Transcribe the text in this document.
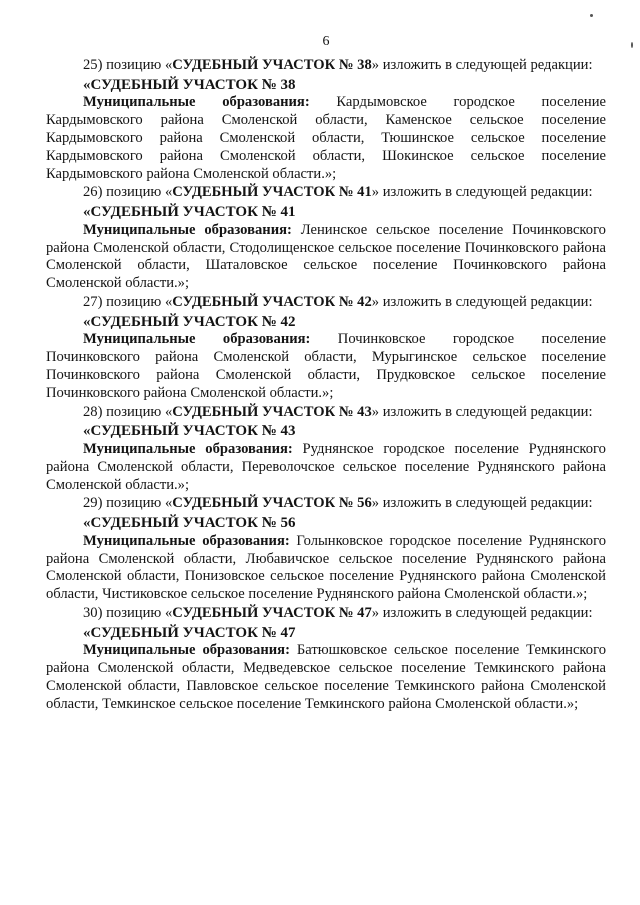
6

25) позицию «СУДЕБНЫЙ УЧАСТОК № 38» изложить в следующей редакции:

«СУДЕБНЫЙ УЧАСТОК № 38

Муниципальные образования: Кардымовское городское поселение Кардымовского района Смоленской области, Каменское сельское поселение Кардымовского района Смоленской области, Тюшинское сельское поселение Кардымовского района Смоленской области, Шокинское сельское поселение Кардымовского района Смоленской области.»;

26) позицию «СУДЕБНЫЙ УЧАСТОК № 41» изложить в следующей редакции:

«СУДЕБНЫЙ УЧАСТОК № 41

Муниципальные образования: Ленинское сельское поселение Починковского района Смоленской области, Стодолищенское сельское поселение Починковского района Смоленской области, Шаталовское сельское поселение Починковского района Смоленской области.»;

27) позицию «СУДЕБНЫЙ УЧАСТОК № 42» изложить в следующей редакции:

«СУДЕБНЫЙ УЧАСТОК № 42

Муниципальные образования: Починковское городское поселение Починковского района Смоленской области, Мурыгинское сельское поселение Починковского района Смоленской области, Прудковское сельское поселение Починковского района Смоленской области.»;

28) позицию «СУДЕБНЫЙ УЧАСТОК № 43» изложить в следующей редакции:

«СУДЕБНЫЙ УЧАСТОК № 43

Муниципальные образования: Руднянское городское поселение Руднянского района Смоленской области, Переволочское сельское поселение Руднянского района Смоленской области.»;

29) позицию «СУДЕБНЫЙ УЧАСТОК № 56» изложить в следующей редакции:

«СУДЕБНЫЙ УЧАСТОК № 56

Муниципальные образования: Голынковское городское поселение Руднянского района Смоленской области, Любавичское сельское поселение Руднянского района Смоленской области, Понизовское сельское поселение Руднянского района Смоленской области, Чистиковское сельское поселение Руднянского района Смоленской области.»;

30) позицию «СУДЕБНЫЙ УЧАСТОК № 47» изложить в следующей редакции:

«СУДЕБНЫЙ УЧАСТОК № 47

Муниципальные образования: Батюшковское сельское поселение Темкинского района Смоленской области, Медведевское сельское поселение Темкинского района Смоленской области, Павловское сельское поселение Темкинского района Смоленской области, Темкинское сельское поселение Темкинского района Смоленской области.»;
